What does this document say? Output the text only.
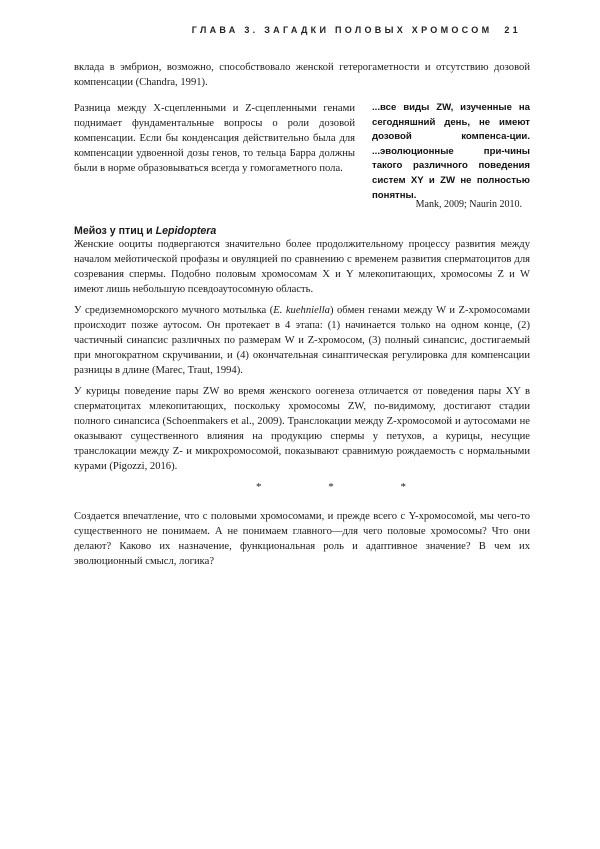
ГЛАВА 3. ЗАГАДКИ ПОЛОВЫХ ХРОМОСОМ 21

вклада в эмбрион, возможно, способствовало женской гетерогаметности и отсутствию дозовой компенсации (Chandra, 1991).

Разница между X-сцепленными и Z-сцепленными генами поднимает фундаментальные вопросы о роли дозовой компенсации. Если бы конденсация действительно была для компенсации удвоенной дозы генов, то тельца Барра должны были в норме образовываться всегда у гомогаметного пола.

...все виды ZW, изученные на сегодняшний день, не имеют дозовой компенса-ции. ...эволюционные при-чины такого различного поведения систем XY и ZW не полностью понятны.
Mank, 2009; Naurin 2010.
Мейоз у птиц и Lepidoptera

Женские ооциты подвергаются значительно более продолжительному процессу развития между началом мейотической профазы и овуляцией по сравнению с временем развития сперматоцитов для созревания спермы. Подобно половым хромосомам X и Y млекопитающих, хромосомы Z и W имеют лишь небольшую псевдоаутосомную область.

У средиземноморского мучного мотылька (E. kuehniella) обмен генами между W и Z-хромосомами происходит позже аутосом. Он протекает в 4 этапа: (1) начинается только на одном конце, (2) частичный синапсис различных по размерам W и Z-хромосом, (3) полный синапсис, достигаемый при многократном скручивании, и (4) окончательная синаптическая регулировка для компенсации разницы в длине (Marec, Traut, 1994).

У курицы поведение пары ZW во время женского оогенеза отличается от поведения пары XY в сперматоцитах млекопитающих, поскольку хромосомы ZW, по-видимому, достигают стадии полного синапсиса (Schoenmakers et al., 2009). Транслокации между Z-хромосомой и аутосомами не оказывают существенного влияния на продукцию спермы у петухов, а курицы, несущие транслокации между Z- и микрохромосомой, показывают сравнимую рождаемость с нормальными курами (Pigozzi, 2016).

*	*	*

Создается впечатление, что с половыми хромосомами, и прежде всего с Y-хромосомой, мы чего-то существенного не понимаем. А не понимаем главного—для чего половые хромосомы? Что они делают? Каково их назначение, функциональная роль и адаптивное значение? В чем их эволюционный смысл, логика?
